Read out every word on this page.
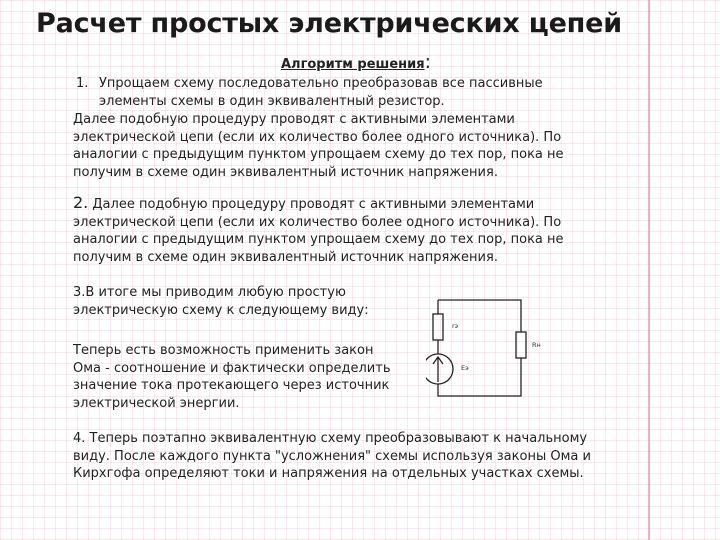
Расчет простых электрических цепей
Алгоритм решения:
1. Упрощаем схему последовательно преобразовав все пассивные элементы схемы в один эквивалентный резистор.

Далее подобную процедуру проводят с активными элементами электрической цепи (если их количество более одного источника). По аналогии с предыдущим пунктом упрощаем схему до тех пор, пока не получим в схеме один эквивалентный источник напряжения.

2. Далее подобную процедуру проводят с активными элементами электрической цепи (если их количество более одного источника). По аналогии с предыдущим пунктом упрощаем схему до тех пор, пока не получим в схеме один эквивалентный источник напряжения.

3.В итоге мы приводим любую простую электрическую схему к следующему виду:

Теперь есть возможность применить закон Ома - соотношение и фактически определить значение тока протекающего через источник электрической энергии.

4. Теперь поэтапно эквивалентную схему преобразовывают к начальному виду. После каждого пункта "усложнения" схемы используя законы Ома и Кирхгофа определяют токи и напряжения на отдельных участках схемы.

rэ
Rн
Eэ
